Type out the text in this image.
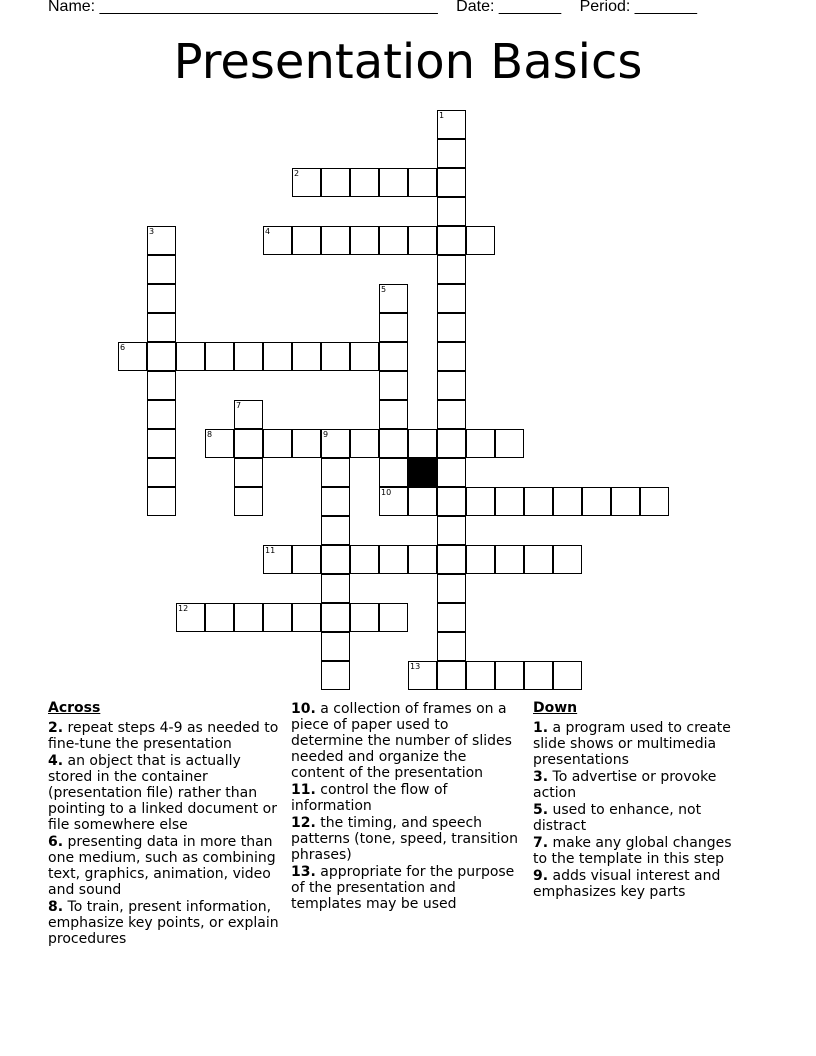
Name: ______________________________________ Date: _______ Period: _______
Presentation Basics
1
2
3	4
5
6
7
8	9
10
11
12
13
Across
2. repeat steps 4-9 as needed to fine-tune the presentation
4. an object that is actually stored in the container (presentation file) rather than pointing to a linked document or file somewhere else
6. presenting data in more than one medium, such as combining text, graphics, animation, video and sound
8. To train, present information, emphasize key points, or explain procedures
10. a collection of frames on a piece of paper used to determine the number of slides needed and organize the content of the presentation
11. control the flow of information
12. the timing, and speech patterns (tone, speed, transition phrases)
13. appropriate for the purpose of the presentation and templates may be used
Down
1. a program used to create slide shows or multimedia presentations
3. To advertise or provoke action
5. used to enhance, not distract
7. make any global changes to the template in this step
9. adds visual interest and emphasizes key parts
